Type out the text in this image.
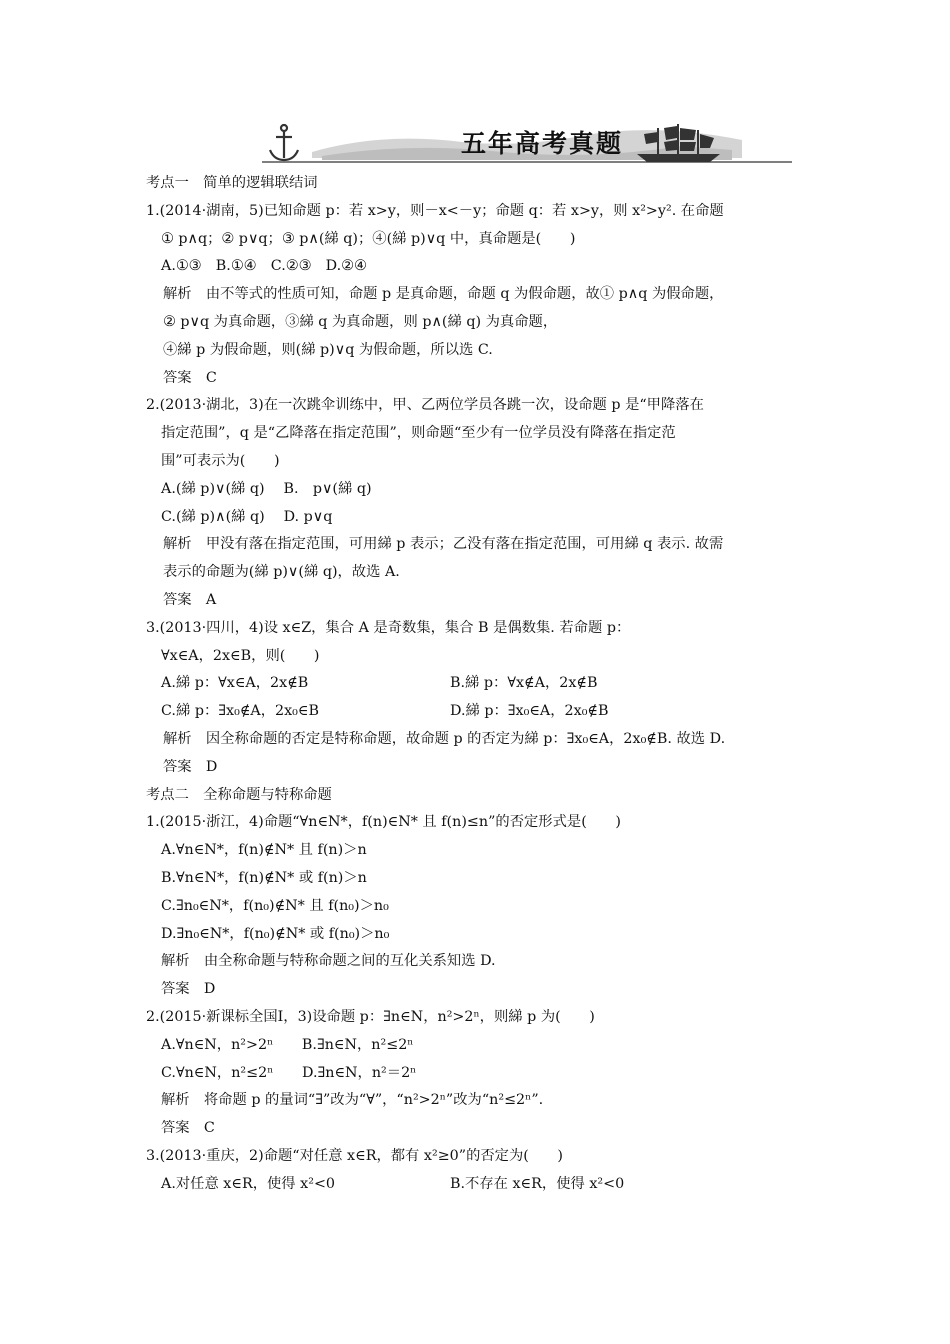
五年高考真题
考点一　简单的逻辑联结词
1.(2014·湖南，5)已知命题 p：若 x>y，则－x<－y；命题 q：若 x>y，则 x²>y². 在命题
① p∧q；② p∨q；③ p∧(綈 q)；④(綈 p)∨q 中，真命题是(　　)
A.①③　B.①④　C.②③　D.②④
解析　由不等式的性质可知，命题 p 是真命题，命题 q 为假命题，故① p∧q 为假命题，
② p∨q 为真命题，③綈 q 为真命题，则 p∧(綈 q) 为真命题，
④綈 p 为假命题，则(綈 p)∨q 为假命题，所以选 C.
答案　C
2.(2013·湖北，3)在一次跳伞训练中，甲、乙两位学员各跳一次，设命题 p 是“甲降落在
指定范围”，q 是“乙降落在指定范围”，则命题“至少有一位学员没有降落在指定范
围”可表示为(　　)
A.(綈 p)∨(綈 q)　 B.　p∨(綈 q)
C.(綈 p)∧(綈 q)　 D. p∨q
解析　甲没有落在指定范围，可用綈 p 表示；乙没有落在指定范围，可用綈 q 表示. 故需
表示的命题为(綈 p)∨(綈 q)，故选 A.
答案　A
3.(2013·四川，4)设 x∈Z，集合 A 是奇数集，集合 B 是偶数集. 若命题 p：
∀x∈A，2x∈B，则(　　)
A.綈 p：∀x∈A，2x∉B	B.綈 p：∀x∉A，2x∉B
C.綈 p：∃x₀∉A，2x₀∈B	D.綈 p：∃x₀∈A，2x₀∉B
解析　因全称命题的否定是特称命题，故命题 p 的否定为綈 p：∃x₀∈A，2x₀∉B. 故选 D.
答案　D
考点二　全称命题与特称命题
1.(2015·浙江，4)命题“∀n∈N*，f(n)∈N* 且 f(n)≤n”的否定形式是(　　)
A.∀n∈N*，f(n)∉N* 且 f(n)＞n
B.∀n∈N*，f(n)∉N* 或 f(n)＞n
C.∃n₀∈N*，f(n₀)∉N* 且 f(n₀)＞n₀
D.∃n₀∈N*，f(n₀)∉N* 或 f(n₀)＞n₀
解析　由全称命题与特称命题之间的互化关系知选 D.
答案　D
2.(2015·新课标全国Ⅰ，3)设命题 p：∃n∈N，n²>2ⁿ，则綈 p 为(　　)
A.∀n∈N，n²>2ⁿ　　B.∃n∈N，n²≤2ⁿ
C.∀n∈N，n²≤2ⁿ　　D.∃n∈N，n²＝2ⁿ
解析　将命题 p 的量词“∃”改为“∀”，“n²>2ⁿ”改为“n²≤2ⁿ”.
答案　C
3.(2013·重庆，2)命题“对任意 x∈R，都有 x²≥0”的否定为(　　)
A.对任意 x∈R，使得 x²<0	B.不存在 x∈R，使得 x²<0
